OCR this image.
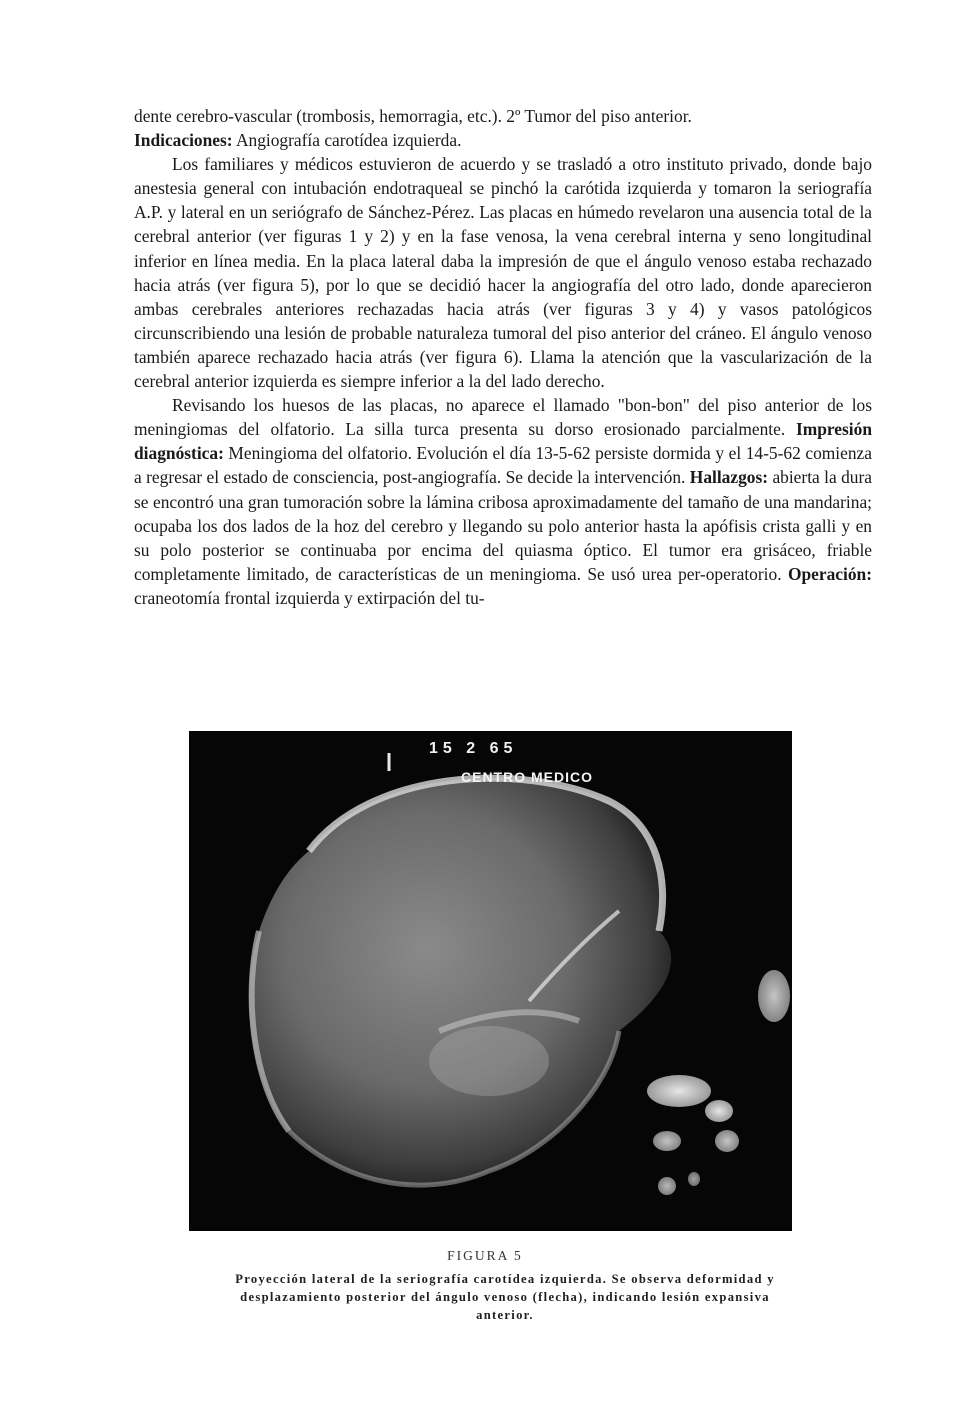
dente cerebro-vascular (trombosis, hemorragia, etc.). 2º Tumor del piso anterior.
Indicaciones: Angiografía carotídea izquierda.

Los familiares y médicos estuvieron de acuerdo y se trasladó a otro instituto privado, donde bajo anestesia general con intubación endotraqueal se pinchó la carótida izquierda y tomaron la seriografía A.P. y lateral en un seriógrafo de Sánchez-Pérez. Las placas en húmedo revelaron una ausencia total de la cerebral anterior (ver figuras 1 y 2) y en la fase venosa, la vena cerebral interna y seno longitudinal inferior en línea media. En la placa lateral daba la impresión de que el ángulo venoso estaba rechazado hacia atrás (ver figura 5), por lo que se decidió hacer la angiografía del otro lado, donde aparecieron ambas cerebrales anteriores rechazadas hacia atrás (ver figuras 3 y 4) y vasos patológicos circunscribiendo una lesión de probable naturaleza tumoral del piso anterior del cráneo. El ángulo venoso también aparece rechazado hacia atrás (ver figura 6). Llama la atención que la vascularización de la cerebral anterior izquierda es siempre inferior a la del lado derecho.

Revisando los huesos de las placas, no aparece el llamado "bon-bon" del piso anterior de los meningiomas del olfatorio. La silla turca presenta su dorso erosionado parcialmente. Impresión diagnóstica: Meningioma del olfatorio. Evolución el día 13-5-62 persiste dormida y el 14-5-62 comienza a regresar el estado de consciencia, post-angiografía. Se decide la intervención. Hallazgos: abierta la dura se encontró una gran tumoración sobre la lámina cribosa aproximadamente del tamaño de una mandarina; ocupaba los dos lados de la hoz del cerebro y llegando su polo anterior hasta la apófisis crista galli y en su polo posterior se continuaba por encima del quiasma óptico. El tumor era grisáceo, friable completamente limitado, de características de un meningioma. Se usó urea per-operatorio. Operación: craneotomía frontal izquierda y extirpación del tu-

15 2 65
CENTRO MEDICO
FIGURA 5
Proyección lateral de la seriografía carotídea izquierda. Se observa deformidad y desplazamiento posterior del ángulo venoso (flecha), indicando lesión expansiva anterior.
